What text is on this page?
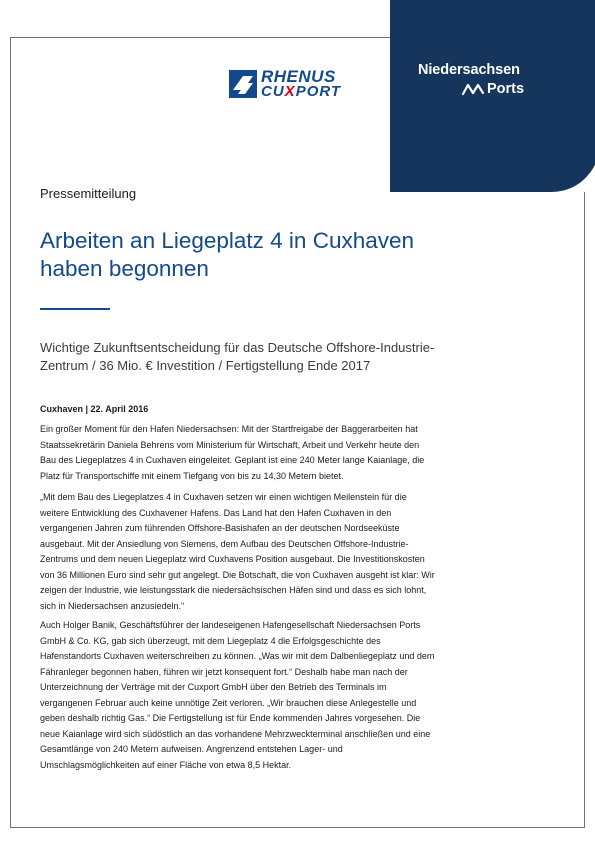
Niedersachsen
Ports
RHENUS
CUXPORT
Pressemitteilung
Arbeiten an Liegeplatz 4 in Cuxhaven
haben begonnen
Wichtige Zukunftsentscheidung für das Deutsche Offshore-Industrie-
Zentrum / 36 Mio. € Investition / Fertigstellung Ende 2017
Cuxhaven | 22. April 2016
Ein großer Moment für den Hafen Niedersachsen: Mit der Startfreigabe der Baggerarbeiten hat
Staatssekretärin Daniela Behrens vom Ministerium für Wirtschaft, Arbeit und Verkehr heute den
Bau des Liegeplatzes 4 in Cuxhaven eingeleitet. Geplant ist eine 240 Meter lange Kaianlage, die
Platz für Transportschiffe mit einem Tiefgang von bis zu 14,30 Metern bietet.
„Mit dem Bau des Liegeplatzes 4 in Cuxhaven setzen wir einen wichtigen Meilenstein für die
weitere Entwicklung des Cuxhavener Hafens. Das Land hat den Hafen Cuxhaven in den
vergangenen Jahren zum führenden Offshore-Basishafen an der deutschen Nordseeküste
ausgebaut. Mit der Ansiedlung von Siemens, dem Aufbau des Deutschen Offshore-Industrie-
Zentrums und dem neuen Liegeplatz wird Cuxhavens Position ausgebaut. Die Investitionskosten
von 36 Millionen Euro sind sehr gut angelegt. Die Botschaft, die von Cuxhaven ausgeht ist klar: Wir
zeigen der Industrie, wie leistungsstark die niedersächsischen Häfen sind und dass es sich lohnt,
sich in Niedersachsen anzusiedeln.“
Auch Holger Banik, Geschäftsführer der landeseigenen Hafengesellschaft Niedersachsen Ports
GmbH & Co. KG, gab sich überzeugt, mit dem Liegeplatz 4 die Erfolgsgeschichte des
Hafenstandorts Cuxhaven weiterschreiben zu können. „Was wir mit dem Dalbenliegeplatz und dem
Fähranleger begonnen haben, führen wir jetzt konsequent fort.“ Deshalb habe man nach der
Unterzeichnung der Verträge mit der Cuxport GmbH über den Betrieb des Terminals im
vergangenen Februar auch keine unnötige Zeit verloren. „Wir brauchen diese Anlegestelle und
geben deshalb richtig Gas.“ Die Fertigstellung ist für Ende kommenden Jahres vorgesehen. Die
neue Kaianlage wird sich südöstlich an das vorhandene Mehrzweckterminal anschließen und eine
Gesamtlänge von 240 Metern aufweisen. Angrenzend entstehen Lager- und
Umschlagsmöglichkeiten auf einer Fläche von etwa 8,5 Hektar.
